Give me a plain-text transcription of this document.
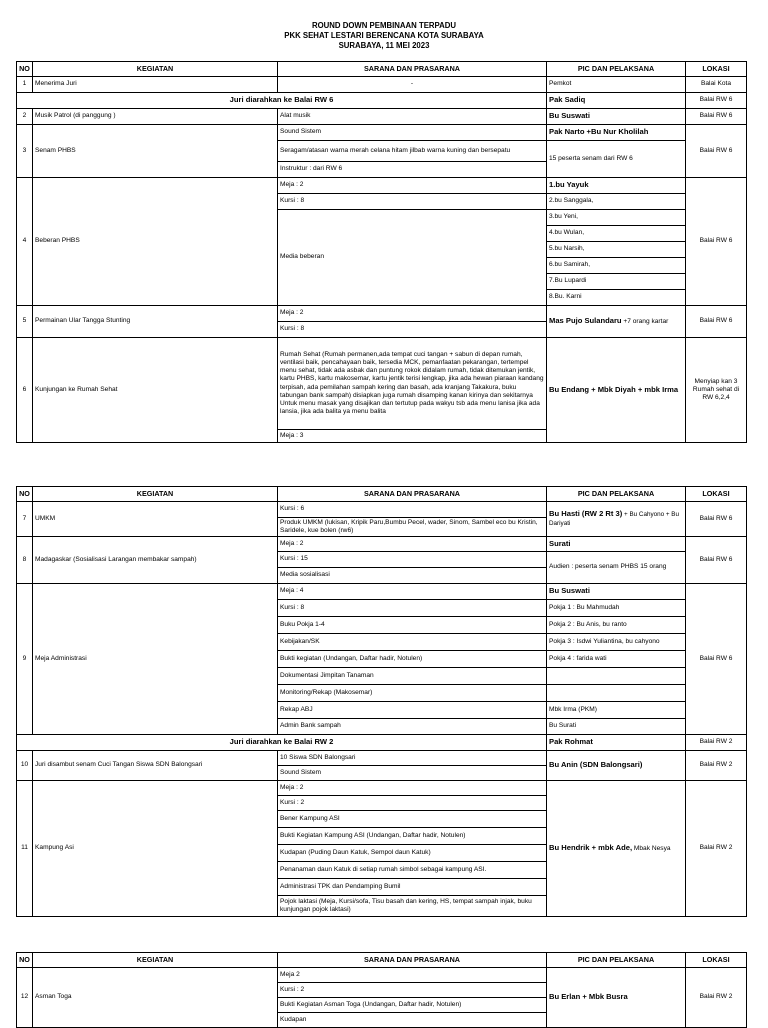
ROUND DOWN PEMBINAAN TERPADU
PKK SEHAT LESTARI BERENCANA KOTA SURABAYA
SURABAYA, 11 MEI 2023
NO	KEGIATAN	SARANA DAN PRASARANA	PIC DAN PELAKSANA	LOKASI
1	Menerima Juri	-	Pemkot	Balai Kota
Juri diarahkan ke Balai RW 6			Pak Sadiq	Balai RW 6
2	Musik Patrol (di panggung )	Alat musik	Bu Suswati	Balai RW 6
3	Senam PHBS	Sound Sistem	Pak Narto +Bu Nur Kholilah	Balai RW 6
		Seragam/atasan warna merah celana hitam jilbab warna kuning dan bersepatu	15 peserta senam dari RW 6	
		Instruktur : dari RW 6		
4	Beberan PHBS	Meja : 2	1.bu Yayuk	Balai RW 6
		Kursi : 8	2.bu Sanggala,	
		Media beberan	3.bu Yeni,	
			4.bu Wulan,	
			5.bu Narsih,	
			6.bu Samirah,	
			7.Bu Lupardi	
			8.Bu. Karni	
5	Permainan Ular Tangga Stunting	Meja : 2	Mas Pujo Sulandaru +7 orang kartar	Balai RW 6
		Kursi : 8		
6	Kunjungan ke Rumah Sehat	Rumah Sehat (Rumah permanen,ada tempat cuci tangan + sabun di depan rumah, ventilasi baik, pencahayaan baik, tersedia MCK, pemanfaatan pekarangan, tertempel menu sehat, tidak ada asbak dan puntung rokok didalam rumah, tidak ditemukan jentik, kartu PHBS, kartu makosemar, kartu jentik terisi lengkap, jika ada hewan piaraan kandang terpisah, ada pemilahan sampah kering dan basah, ada kranjang Takakura, buku tabungan bank sampah) disiapkan juga rumah disamping kanan kirinya dan sekitarnya Untuk menu masak yang disajikan dan tertutup pada wakyu tsb ada menu lanisa jika ada lansia, jika ada balita ya menu balita	Bu Endang + Mbk Diyah + mbk Irma	Menyiap kan 3 Rumah sehat di RW 6,2,4
		Meja : 3		
NO	KEGIATAN	SARANA DAN PRASARANA	PIC DAN PELAKSANA	LOKASI
7	UMKM	Kursi : 6	Bu Hasti (RW 2 Rt 3) + Bu Cahyono + Bu Dariyati	Balai RW 6
		Produk UMKM (lukisan, Kripik Paru,Bumbu Pecel, wader, Sinom, Sambel eco bu Kristin, Saridele, kue bolen (rw6)		
8	Madagaskar (Sosialisasi Larangan membakar sampah)	Meja : 2	Surati	Balai RW 6
		Kursi : 15	Audien : peserta senam PHBS 15 orang	
		Media sosialisasi		
9	Meja Administrasi	Meja : 4	Bu Suswati	Balai RW 6
		Kursi : 8	Pokja 1 : Bu Mahmudah	
		Buku Pokja 1-4	Pokja 2 : Bu Anis, bu ranto	
		Kebijakan/SK	Pokja 3 : Isdwi Yuliantina, bu cahyono	
		Bukti kegiatan (Undangan, Daftar hadir, Notulen)	Pokja 4 : farida wati	
		Dokumentasi Jimpitan Tanaman		
		Monitoring/Rekap (Makosemar)		
		Rekap ABJ	Mbk Irma (PKM)	
		Admin Bank sampah	Bu Surati	
Juri diarahkan ke Balai RW 2			Pak Rohmat	Balai RW 2
10	Juri disambut senam Cuci Tangan Siswa SDN Balongsari	10 Siswa SDN Balongsari	Bu Anin (SDN Balongsari)	Balai RW 2
		Sound Sistem		
11	Kampung Asi	Meja : 2	Bu Hendrik + mbk Ade, Mbak Nesya	Balai RW 2
		Kursi : 2		
		Bener Kampung ASI		
		Bukti Kegiatan Kampung ASI (Undangan, Daftar hadir, Notulen)		
		Kudapan (Puding Daun Katuk, Sempol daun Katuk)		
		Penanaman daun Katuk di setiap rumah simbol sebagai kampung ASI.		
		Administrasi TPK dan Pendamping Bumil		
		Pojok laktasi (Meja, Kursi/sofa, Tisu basah dan kering, HS, tempat sampah injak, buku kunjungan pojok laktasi)		
NO	KEGIATAN	SARANA DAN PRASARANA	PIC DAN PELAKSANA	LOKASI
12	Asman Toga	Meja 2	Bu Erlan + Mbk Busra	Balai RW 2
		Kursi : 2		
		Bukti Kegiatan Asman Toga (Undangan, Daftar hadir, Notulen)		
		Kudapan		
